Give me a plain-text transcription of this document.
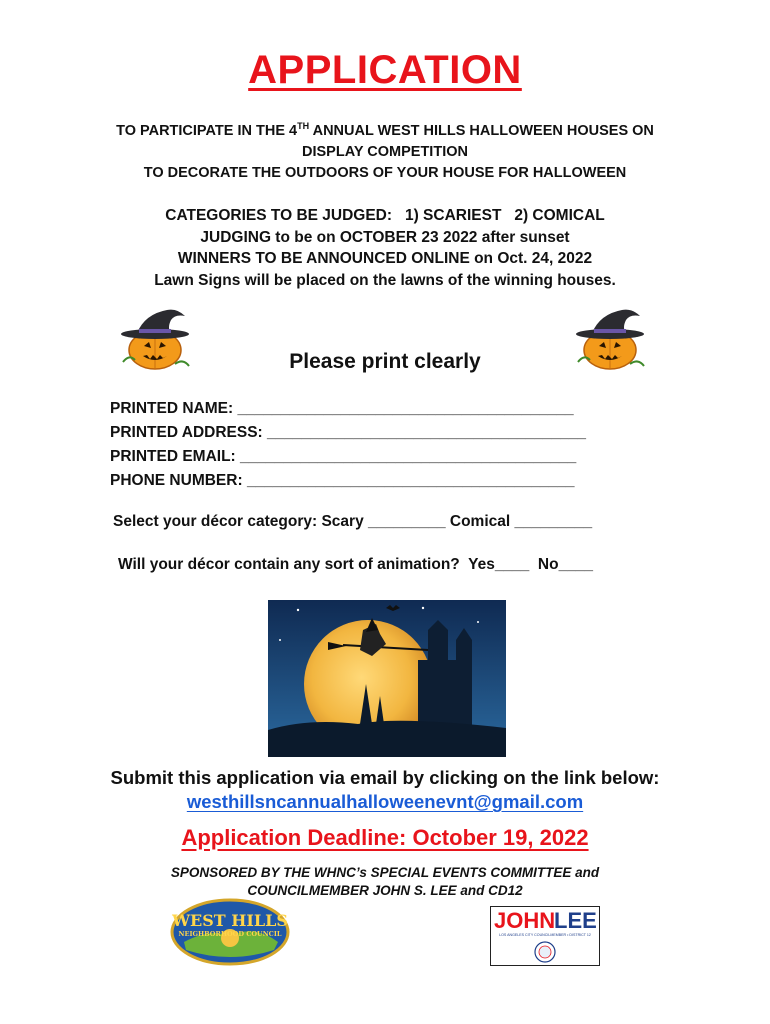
APPLICATION
TO PARTICIPATE IN THE 4TH ANNUAL WEST HILLS HALLOWEEN HOUSES ON
DISPLAY COMPETITION
TO DECORATE THE OUTDOORS OF YOUR HOUSE FOR HALLOWEEN
CATEGORIES TO BE JUDGED:   1) SCARIEST   2) COMICAL
JUDGING to be on OCTOBER 23 2022 after sunset
WINNERS TO BE ANNOUNCED ONLINE on Oct. 24, 2022
Lawn Signs will be placed on the lawns of the winning houses.
Please print clearly
PRINTED NAME: _______________________________________
PRINTED ADDRESS: _____________________________________
PRINTED EMAIL: _______________________________________
PHONE NUMBER: ______________________________________
Select your décor category: Scary _________ Comical _________
Will your décor contain any sort of animation?  Yes____  No____
Submit this application via email by clicking on the link below:
westhillsncannualhalloweenevnt@gmail.com
Application Deadline: October 19, 2022
SPONSORED BY THE WHNC’s SPECIAL EVENTS COMMITTEE and
COUNCILMEMBER JOHN S. LEE and CD12
WEST HILLS
NEIGHBORHOOD COUNCIL
JOHN
LEE
LOS ANGELES CITY COUNCILMEMBER • DISTRICT 12
